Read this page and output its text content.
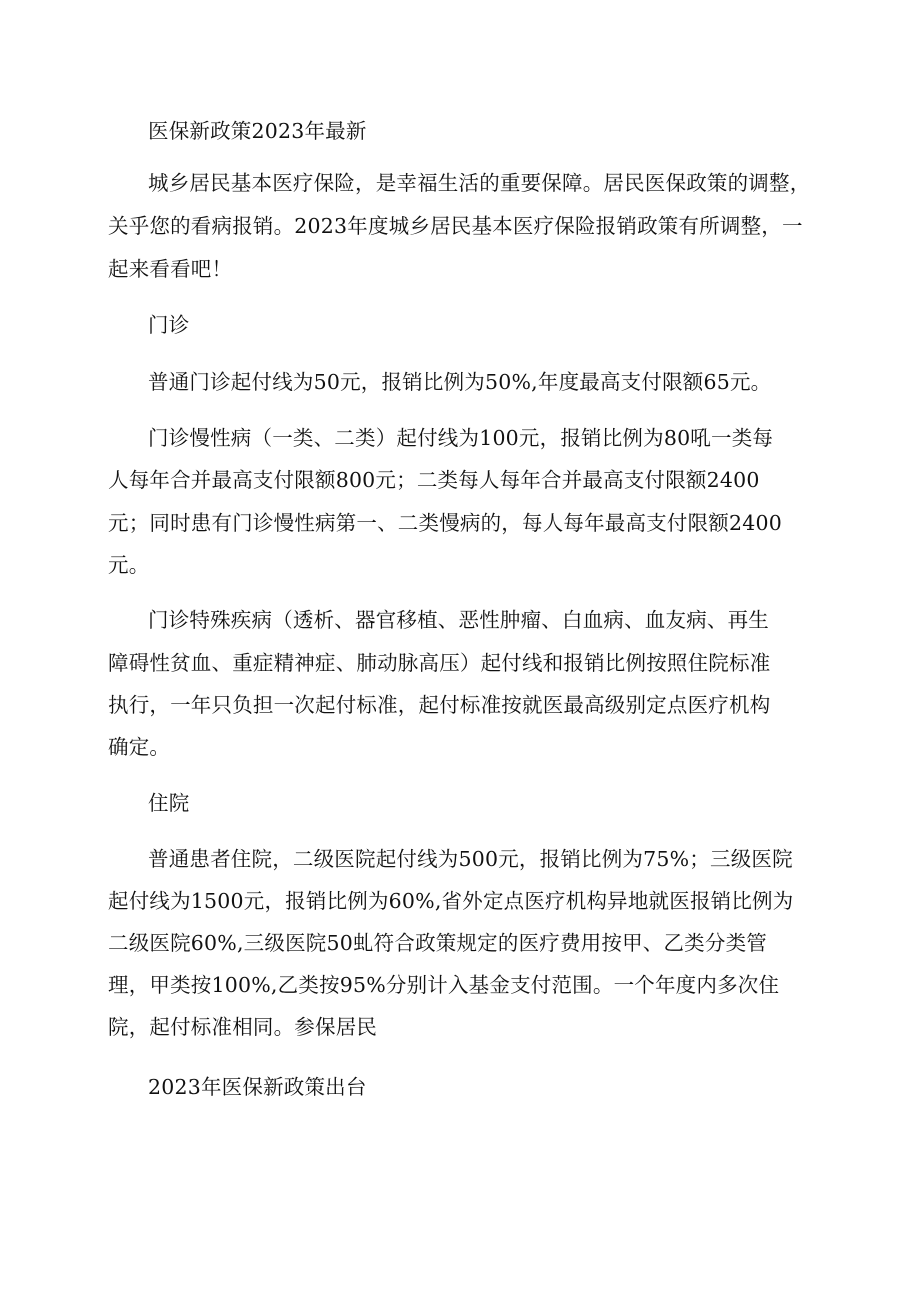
医保新政策2023年最新
城乡居民基本医疗保险，是幸福生活的重要保障。居民医保政策的调整，
关乎您的看病报销。2023年度城乡居民基本医疗保险报销政策有所调整，一
起来看看吧！
门诊
普通门诊起付线为50元，报销比例为50%,年度最高支付限额65元。
门诊慢性病（一类、二类）起付线为100元，报销比例为80吼一类每
人每年合并最高支付限额800元；二类每人每年合并最高支付限额2400
元；同时患有门诊慢性病第一、二类慢病的，每人每年最高支付限额2400
元。
门诊特殊疾病（透析、器官移植、恶性肿瘤、白血病、血友病、再生
障碍性贫血、重症精神症、肺动脉高压）起付线和报销比例按照住院标准
执行，一年只负担一次起付标准，起付标准按就医最高级别定点医疗机构
确定。
住院
普通患者住院，二级医院起付线为500元，报销比例为75%；三级医院
起付线为1500元，报销比例为60%,省外定点医疗机构异地就医报销比例为
二级医院60%,三级医院50虬符合政策规定的医疗费用按甲、乙类分类管
理，甲类按100%,乙类按95%分别计入基金支付范围。一个年度内多次住
院，起付标准相同。参保居民
2023年医保新政策出台
